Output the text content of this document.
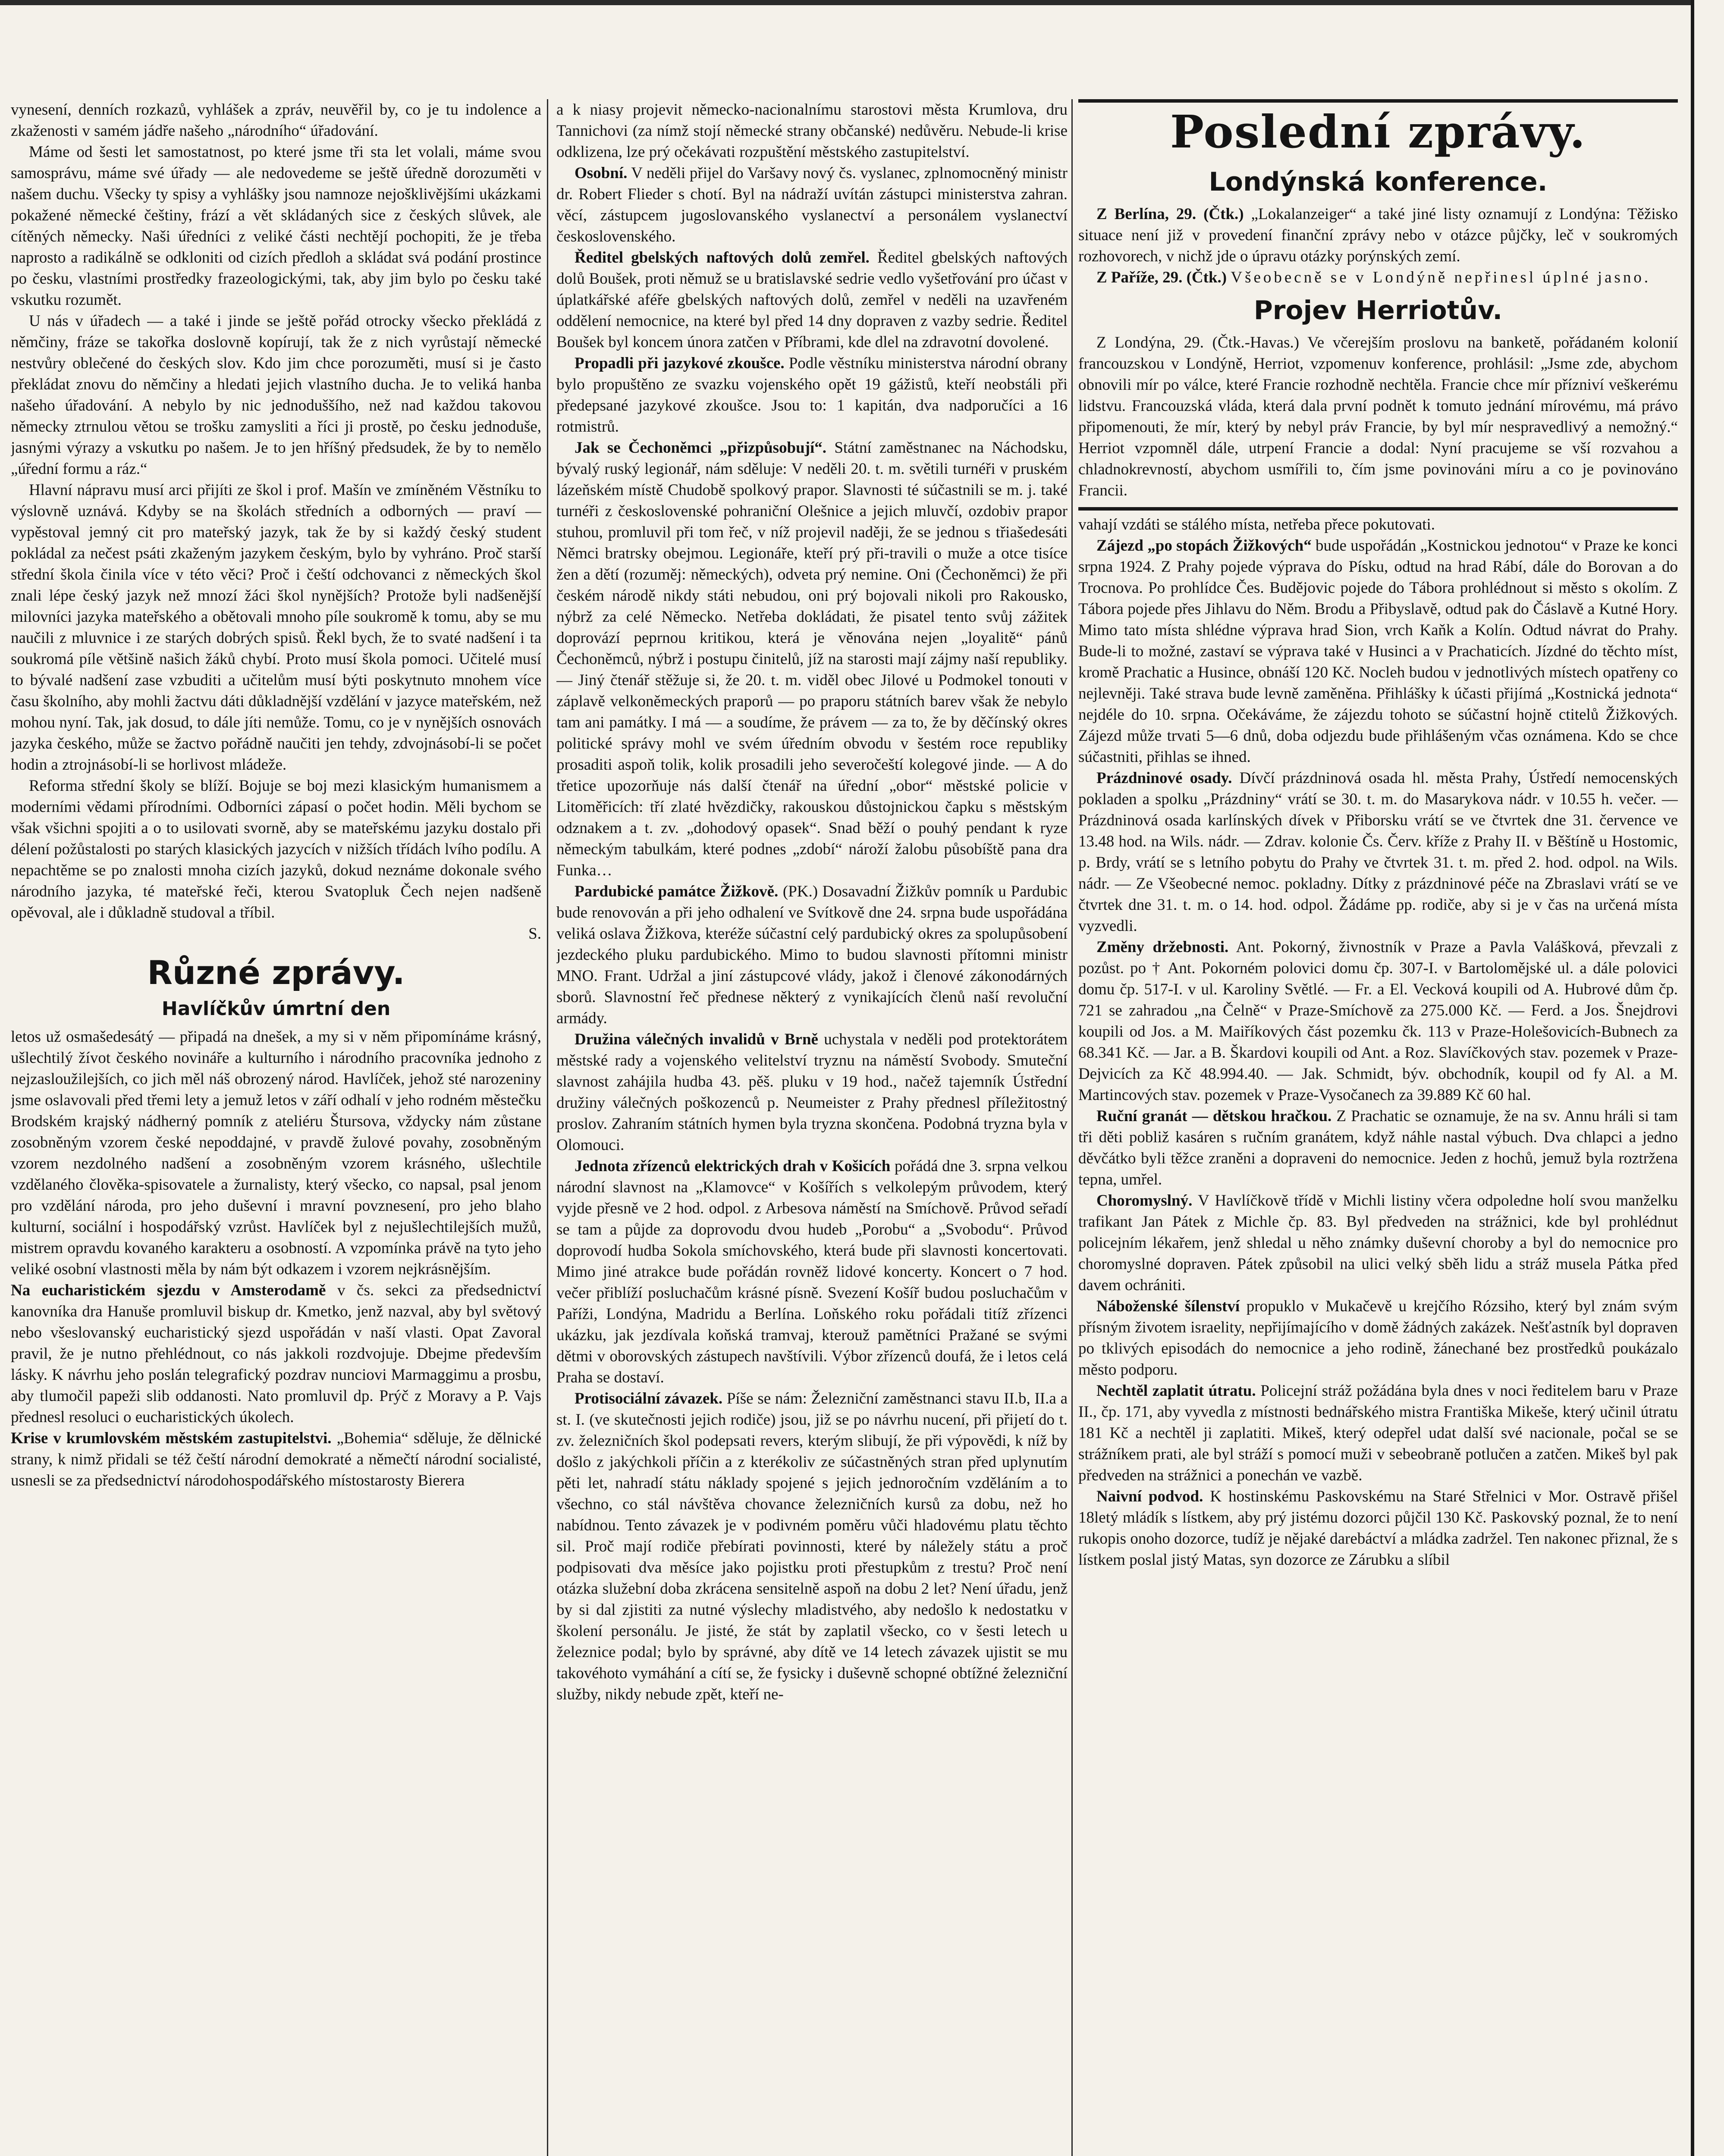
vynesení, denních rozkazů, vyhlášek a zpráv, neuvěřil by, co je tu indolence a zkaženosti v samém jádře našeho „národního“ úřadování.

Máme od šesti let samostatnost, po které jsme tři sta let volali, máme svou samosprávu, máme své úřady — ale nedovedeme se ještě úředně dorozuměti v našem duchu. Všecky ty spisy a vyhlášky jsou namnoze nejošklivějšími ukázkami pokažené německé češtiny, frází a vět skládaných sice z českých slůvek, ale cítěných německy. Naši úředníci z veliké části nechtějí pochopiti, že je třeba naprosto a radikálně se odkloniti od cizích předloh a skládat svá podání prostince po česku, vlastními prostředky frazeologickými, tak, aby jim bylo po česku také vskutku rozumět.

U nás v úřadech — a také i jinde se ještě pořád otrocky všecko překládá z němčiny, fráze se takořka doslovně kopírují, tak že z nich vyrůstají německé nestvůry oblečené do českých slov. Kdo jim chce porozuměti, musí si je často překládat znovu do němčiny a hledati jejich vlastního ducha. Je to veliká hanba našeho úřadování. A nebylo by nic jednoduššího, než nad každou takovou německy ztrnulou větou se trošku zamysliti a říci ji prostě, po česku jednoduše, jasnými výrazy a vskutku po našem. Je to jen hříšný předsudek, že by to nemělo „úřední formu a ráz.“

Hlavní nápravu musí arci přijíti ze škol i prof. Mašín ve zmíněném Věstníku to výslovně uznává. Kdyby se na školách středních a odborných — praví — vypěstoval jemný cit pro mateřský jazyk, tak že by si každý český student pokládal za nečest psáti zkaženým jazykem českým, bylo by vyhráno. Proč starší střední škola činila více v této věci? Proč i čeští odchovanci z německých škol znali lépe český jazyk než mnozí žáci škol nynějších? Protože byli nadšenější milovníci jazyka mateřského a obětovali mnoho píle soukromě k tomu, aby se mu naučili z mluvnice i ze starých dobrých spisů. Řekl bych, že to svaté nadšení i ta soukromá píle většině našich žáků chybí. Proto musí škola pomoci. Učitelé musí to bývalé nadšení zase vzbuditi a učitelům musí býti poskytnuto mnohem více času školního, aby mohli žactvu dáti důkladnější vzdělání v jazyce mateřském, než mohou nyní. Tak, jak dosud, to dále jíti nemůže. Tomu, co je v nynějších osnovách jazyka českého, může se žactvo pořádně naučiti jen tehdy, zdvojnásobí-li se počet hodin a ztrojnásobí-li se horlivost mládeže.

Reforma střední školy se blíží. Bojuje se boj mezi klasickým humanismem a moderními vědami přírodními. Odborníci zápasí o počet hodin. Měli bychom se však všichni spojiti a o to usilovati svorně, aby se mateřskému jazyku dostalo při délení požůstalosti po starých klasických jazycích v nižších třídách lvího podílu. A nepachtěme se po znalosti mnoha cizích jazyků, dokud neznáme dokonale svého národního jazyka, té mateřské řeči, kterou Svatopluk Čech nejen nadšeně opěvoval, ale i důkladně studoval a tříbil.

S.

Různé zprávy.
Havlíčkův úmrtní den

letos už osmašedesátý — připadá na dnešek, a my si v něm připomínáme krásný, ušlechtilý žívot českého novináře a kulturního i národního pracovníka jednoho z nejzasloužilejších, co jich měl náš obrozený národ. Havlíček, jehož sté narozeniny jsme oslavovali před třemi lety a jemuž letos v září odhalí v jeho rodném městečku Brodském krajský nádherný pomník z ateliéru Štursova, vždycky nám zůstane zosobněným vzorem české nepoddajné, v pravdě žulové povahy, zosobněným vzorem nezdolného nadšení a zosobněným vzorem krásného, ušlechtile vzdělaného člověka-spisovatele a žurnalisty, který všecko, co napsal, psal jenom pro vzdělání národa, pro jeho duševní i mravní povznesení, pro jeho blaho kulturní, sociální i hospodářský vzrůst. Havlíček byl z nejušlechtilejších mužů, mistrem opravdu kovaného karakteru a osobností. A vzpomínka právě na tyto jeho veliké osobní vlastnosti měla by nám být odkazem i vzorem nejkrásnějším.

Na eucharistickém sjezdu v Amsterodamě v čs. sekci za předsednictví kanovníka dra Hanuše promluvil biskup dr. Kmetko, jenž nazval, aby byl světový nebo všeslovanský eucharistický sjezd uspořádán v naší vlasti. Opat Zavoral pravil, že je nutno přehlédnout, co nás jakkoli rozdvojuje. Dbejme především lásky. K návrhu jeho poslán telegrafický pozdrav nunciovi Marmaggimu a prosbu, aby tlumočil papeži slib oddanosti. Nato promluvil dp. Prýč z Moravy a P. Vajs přednesl resoluci o eucharistických úkolech.

Krise v krumlovském městském zastupitelstvi. „Bohemia“ sděluje, že dělnické strany, k nimž přidali se též čeští národní demokraté a němečtí národní socialisté, usnesli se za předsednictví národohospodářského místostarosty Bierera

a k niasy projevit německo-nacionalnímu starostovi města Krumlova, dru Tannichovi (za nímž stojí německé strany občanské) nedůvěru. Nebude-li krise odklizena, lze prý očekávati rozpuštění městského zastupitelství.

Osobní. V neděli přijel do Varšavy nový čs. vyslanec, zplnomocněný ministr dr. Robert Flieder s chotí. Byl na nádraží uvítán zástupci ministerstva zahran. věcí, zástupcem jugoslovanského vyslanectví a personálem vyslanectví československého.

Ředitel gbelských naftových dolů zemřel. Ředitel gbelských naftových dolů Boušek, proti němuž se u bratislavské sedrie vedlo vyšetřování pro účast v úplatkářské aféře gbelských naftových dolů, zemřel v neděli na uzavřeném oddělení nemocnice, na které byl před 14 dny dopraven z vazby sedrie. Ředitel Boušek byl koncem února zatčen v Příbrami, kde dlel na zdravotní dovolené.

Propadli při jazykové zkoušce. Podle věstníku ministerstva národní obrany bylo propuštěno ze svazku vojenského opět 19 gážistů, kteří neobstáli při předepsané jazykové zkoušce. Jsou to: 1 kapitán, dva nadporučíci a 16 rotmistrů.

Jak se Čechoněmci „přizpůsobují“. Státní zaměstnanec na Náchodsku, bývalý ruský legionář, nám sděluje: V neděli 20. t. m. světili turnéři v pruském lázeňském místě Chudobě spolkový prapor. Slavnosti té súčastnili se m. j. také turnéři z československé pohraniční Olešnice a jejich mluvčí, ozdobiv prapor stuhou, promluvil při tom řeč, v níž projevil naději, že se jednou s třiašedesáti Němci bratrsky obejmou. Legionáře, kteří prý při-travili o muže a otce tisíce žen a dětí (rozuměj: německých), odveta prý nemine. Oni (Čechoněmci) že při českém národě nikdy státi nebudou, oni prý bojovali nikoli pro Rakousko, nýbrž za celé Německo. Netřeba dokládati, že pisatel tento svůj zážitek doprovází peprnou kritikou, která je věnována nejen „loyalitě“ pánů Čechoněmců, nýbrž i postupu činitelů, jíž na starosti mají zájmy naší republiky. — Jiný čtenář stěžuje si, že 20. t. m. viděl obec Jilové u Podmokel tonouti v záplavě velkoněmeckých praporů — po praporu státních barev však že nebylo tam ani památky. I má — a soudíme, že právem — za to, že by děčínský okres politické správy mohl ve svém úředním obvodu v šestém roce republiky prosaditi aspoň tolik, kolik prosadili jeho severočeští kolegové jinde. — A do třetice upozorňuje nás další čtenář na úřední „obor“ městské policie v Litoměřicích: tří zlaté hvězdičky, rakouskou důstojnickou čapku s městským odznakem a t. zv. „dohodový opasek“. Snad běží o pouhý pendant k ryze německým tabulkám, které podnes „zdobí“ nároží žalobu působíště pana dra Funka…

Pardubické památce Žižkově. (PK.) Dosavadní Žižkův pomník u Pardubic bude renovován a při jeho odhalení ve Svítkově dne 24. srpna bude uspořádána veliká oslava Žižkova, kteréže súčastní celý pardubický okres za spolupůsobení jezdeckého pluku pardubického. Mimo to budou slavnosti přítomni ministr MNO. Frant. Udržal a jiní zástupcové vlády, jakož i členové zákonodárných sborů. Slavnostní řeč přednese některý z vynikajících členů naší revoluční armády.

Družina válečných invalidů v Brně uchystala v neděli pod protektorátem městské rady a vojenského velitelství tryznu na náměstí Svobody. Smuteční slavnost zahájila hudba 43. pěš. pluku v 19 hod., načež tajemník Ústřední družiny válečných poškozenců p. Neumeister z Prahy přednesl příležitostný proslov. Zahraním státních hymen byla tryzna skončena. Podobná tryzna byla v Olomouci.

Jednota zřízenců elektrických drah v Košicích pořádá dne 3. srpna velkou národní slavnost na „Klamovce“ v Košířích s velkolepým průvodem, který vyjde přesně ve 2 hod. odpol. z Arbesova náměstí na Smíchově. Průvod seřadí se tam a půjde za doprovodu dvou hudeb „Porobu“ a „Svobodu“. Průvod doprovodí hudba Sokola smíchovského, která bude při slavnosti koncertovati. Mimo jiné atrakce bude pořádán rovněž lidové koncerty. Koncert o 7 hod. večer přiblíží posluchačům krásné písně. Svezení Košíř budou posluchačům v Paříži, Londýna, Madridu a Berlína. Loňského roku pořádali titíž zřízenci ukázku, jak jezdívala koňská tramvaj, kterouž pamětníci Pražané se svými dětmi v oborovských zástupech navštívili. Výbor zřízenců doufá, že i letos celá Praha se dostaví.

Protisociální závazek. Píše se nám: Železniční zaměstnanci stavu II.b, II.a a st. I. (ve skutečnosti jejich rodiče) jsou, již se po návrhu nucení, při přijetí do t. zv. železničních škol podepsati revers, kterým slibují, že při výpovědi, k níž by došlo z jakýchkoli příčin a z kterékoliv ze súčastněných stran před uplynutím pěti let, nahradí státu náklady spojené s jejich jednoročním vzděláním a to všechno, co stál návštěva chovance železničních kursů za dobu, než ho nabídnou. Tento závazek je v podivném poměru vůči hladovému platu těchto sil. Proč mají rodiče přebírati povinnosti, které by náležely státu a proč podpisovati dva měsíce jako pojistku proti přestupkům z trestu? Proč není otázka služební doba zkrácena sensitelně aspoň na dobu 2 let? Není úřadu, jenž by si dal zjistiti za nutné výslechy mladistvého, aby nedošlo k nedostatku v školení personálu. Je jisté, že stát by zaplatil všecko, co v šesti letech u železnice podal; bylo by správné, aby dítě ve 14 letech závazek ujistit se mu takovéhoto vymáhání a cítí se, že fysicky i duševně schopné obtížné železniční služby, nikdy nebude zpět, kteří ne-

Poslední zprávy.
Londýnská konference.

Z Berlína, 29. (Čtk.) „Lokalanzeiger“ a také jiné listy oznamují z Londýna: Těžisko situace není již v provedení finanční zprávy nebo v otázce půjčky, leč v soukromých rozhovorech, v nichž jde o úpravu otázky porýnských zemí.

Z Paříže, 29. (Čtk.) Všeobecně se v Londýně nepřinesl úplné jasno.

Projev Herriotův.

Z Londýna, 29. (Čtk.-Havas.) Ve včerejším proslovu na banketě, pořádaném kolonií francouzskou v Londýně, Herriot, vzpomenuv konference, prohlásil: „Jsme zde, abychom obnovili mír po válce, které Francie rozhodně nechtěla. Francie chce mír přízniví veškerému lidstvu. Francouzská vláda, která dala první podnět k tomuto jednání mírovému, má právo připomenouti, že mír, který by nebyl práv Francie, by byl mír nespravedlivý a nemožný.“ Herriot vzpomněl dále, utrpení Francie a dodal: Nyní pracujeme se vší rozvahou a chladnokrevností, abychom usmířili to, čím jsme povinováni míru a co je povinováno Francii.

vahají vzdáti se stálého místa, netřeba přece pokutovati.

Zájezd „po stopách Žižkových“ bude uspořádán „Kostnickou jednotou“ v Praze ke konci srpna 1924. Z Prahy pojede výprava do Písku, odtud na hrad Rábí, dále do Borovan a do Trocnova. Po prohlídce Čes. Budějovic pojede do Tábora prohlédnout si město s okolím. Z Tábora pojede přes Jihlavu do Něm. Brodu a Přibyslavě, odtud pak do Čáslavě a Kutné Hory. Mimo tato místa shlédne výprava hrad Sion, vrch Kaňk a Kolín. Odtud návrat do Prahy. Bude-li to možné, zastaví se výprava také v Husinci a v Prachaticích. Jízdné do těchto míst, kromě Prachatic a Husince, obnáší 120 Kč. Nocleh budou v jednotlivých místech opatřeny co nejlevněji. Také strava bude levně zaměněna. Přihlášky k účasti přijímá „Kostnická jednota“ nejdéle do 10. srpna. Očekáváme, že zájezdu tohoto se súčastní hojně ctitelů Žižkových. Zájezd může trvati 5—6 dnů, doba odjezdu bude přihlášeným včas oznámena. Kdo se chce súčastniti, přihlas se ihned.

Prázdninové osady. Dívčí prázdninová osada hl. města Prahy, Ústředí nemocenských pokladen a spolku „Prázdniny“ vrátí se 30. t. m. do Masarykova nádr. v 10.55 h. večer. — Prázdninová osada karlínských dívek v Přiborsku vrátí se ve čtvrtek dne 31. července ve 13.48 hod. na Wils. nádr. — Zdrav. kolonie Čs. Červ. kříže z Prahy II. v Běštíně u Hostomic, p. Brdy, vrátí se s letního pobytu do Prahy ve čtvrtek 31. t. m. před 2. hod. odpol. na Wils. nádr. — Ze Všeobecné nemoc. pokladny. Dítky z prázdninové péče na Zbraslavi vrátí se ve čtvrtek dne 31. t. m. o 14. hod. odpol. Žádáme pp. rodiče, aby si je v čas na určená místa vyzvedli.

Změny držebnosti. Ant. Pokorný, živnostník v Praze a Pavla Valášková, převzali z pozůst. po † Ant. Pokorném polovici domu čp. 307-I. v Bartolomějské ul. a dále polovici domu čp. 517-I. v ul. Karoliny Světlé. — Fr. a El. Vecková koupili od A. Hubrové dům čp. 721 se zahradou „na Čelně“ v Praze-Smíchově za 275.000 Kč. — Ferd. a Jos. Šnejdrovi koupili od Jos. a M. Maiříkových část pozemku čk. 113 v Praze-Holešovicích-Bubnech za 68.341 Kč. — Jar. a B. Škardovi koupili od Ant. a Roz. Slavíčkových stav. pozemek v Praze-Dejvicích za Kč 48.994.40. — Jak. Schmidt, býv. obchodník, koupil od fy Al. a M. Martincových stav. pozemek v Praze-Vysočanech za 39.889 Kč 60 hal.

Ruční granát — dětskou hračkou. Z Prachatic se oznamuje, že na sv. Annu hráli si tam tři děti pobliž kasáren s ručním granátem, když náhle nastal výbuch. Dva chlapci a jedno děvčátko byli těžce zraněni a dopraveni do nemocnice. Jeden z hochů, jemuž byla roztržena tepna, umřel.

Choromyslný. V Havlíčkově třídě v Michli listiny včera odpoledne holí svou manželku trafikant Jan Pátek z Michle čp. 83. Byl předveden na strážnici, kde byl prohlédnut policejním lékařem, jenž shledal u něho známky duševní choroby a byl do nemocnice pro choromyslné dopraven. Pátek způsobil na ulici velký sběh lidu a stráž musela Pátka před davem ochrániti.

Náboženské šílenství propuklo v Mukačevě u krejčího Rózsiho, který byl znám svým přísným životem israelity, nepřijímajícího v domě žádných zakázek. Nešťastník byl dopraven po tklivých episodách do nemocnice a jeho rodině, žánechané bez prostředků poukázalo město podporu.

Nechtěl zaplatit útratu. Policejní stráž požádána byla dnes v noci ředitelem baru v Praze II., čp. 171, aby vyvedla z místnosti bednářského mistra Františka Mikeše, který učinil útratu 181 Kč a nechtěl ji zaplatiti. Mikeš, který odepřel udat další své nacionale, počal se se strážníkem prati, ale byl stráží s pomocí muži v sebeobraně potlučen a zatčen. Mikeš byl pak předveden na strážnici a ponechán ve vazbě.

Naivní podvod. K hostinskému Paskovskému na Staré Střelnici v Mor. Ostravě přišel 18letý mládík s lístkem, aby prý jistému dozorci půjčil 130 Kč. Paskovský poznal, že to není rukopis onoho dozorce, tudíž je nějaké darebáctví a mládka zadržel. Ten nakonec přiznal, že s lístkem poslal jistý Matas, syn dozorce ze Zárubku a slíbil
